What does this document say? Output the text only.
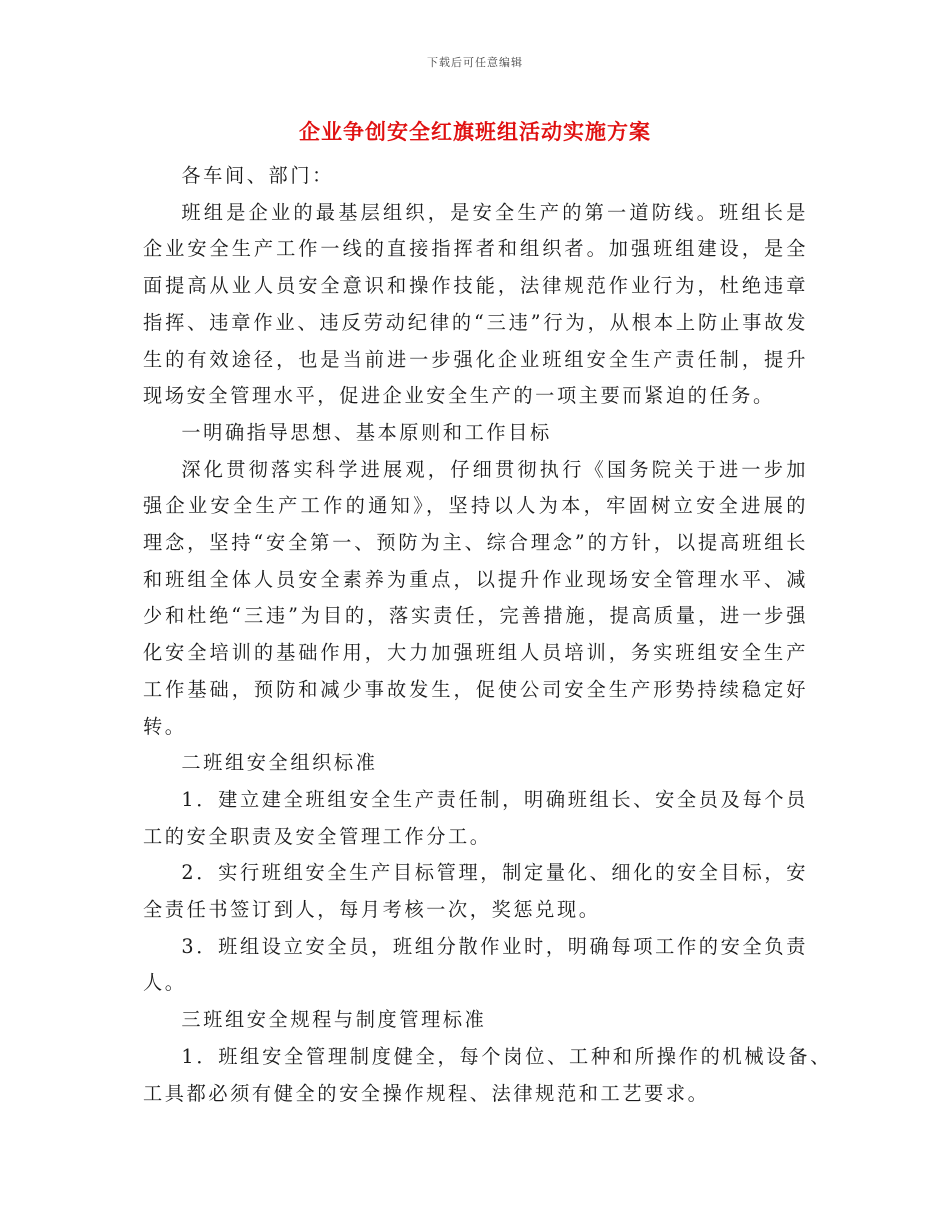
下载后可任意编辑
企业争创安全红旗班组活动实施方案

各车间、部门：

班组是企业的最基层组织，是安全生产的第一道防线。班组长是企业安全生产工作一线的直接指挥者和组织者。加强班组建设，是全面提高从业人员安全意识和操作技能，法律规范作业行为，杜绝违章指挥、违章作业、违反劳动纪律的“三违”行为，从根本上防止事故发生的有效途径，也是当前进一步强化企业班组安全生产责任制，提升现场安全管理水平，促进企业安全生产的一项主要而紧迫的任务。

一明确指导思想、基本原则和工作目标

深化贯彻落实科学进展观，仔细贯彻执行《国务院关于进一步加强企业安全生产工作的通知》，坚持以人为本，牢固树立安全进展的理念，坚持“安全第一、预防为主、综合理念”的方针，以提高班组长和班组全体人员安全素养为重点，以提升作业现场安全管理水平、减少和杜绝“三违”为目的，落实责任，完善措施，提高质量，进一步强化安全培训的基础作用，大力加强班组人员培训，务实班组安全生产工作基础，预防和减少事故发生，促使公司安全生产形势持续稳定好转。

二班组安全组织标准

1．建立建全班组安全生产责任制，明确班组长、安全员及每个员工的安全职责及安全管理工作分工。

2．实行班组安全生产目标管理，制定量化、细化的安全目标，安全责任书签订到人，每月考核一次，奖惩兑现。

3．班组设立安全员，班组分散作业时，明确每项工作的安全负责人。

三班组安全规程与制度管理标准

1．班组安全管理制度健全，每个岗位、工种和所操作的机械设备、工具都必须有健全的安全操作规程、法律规范和工艺要求。
